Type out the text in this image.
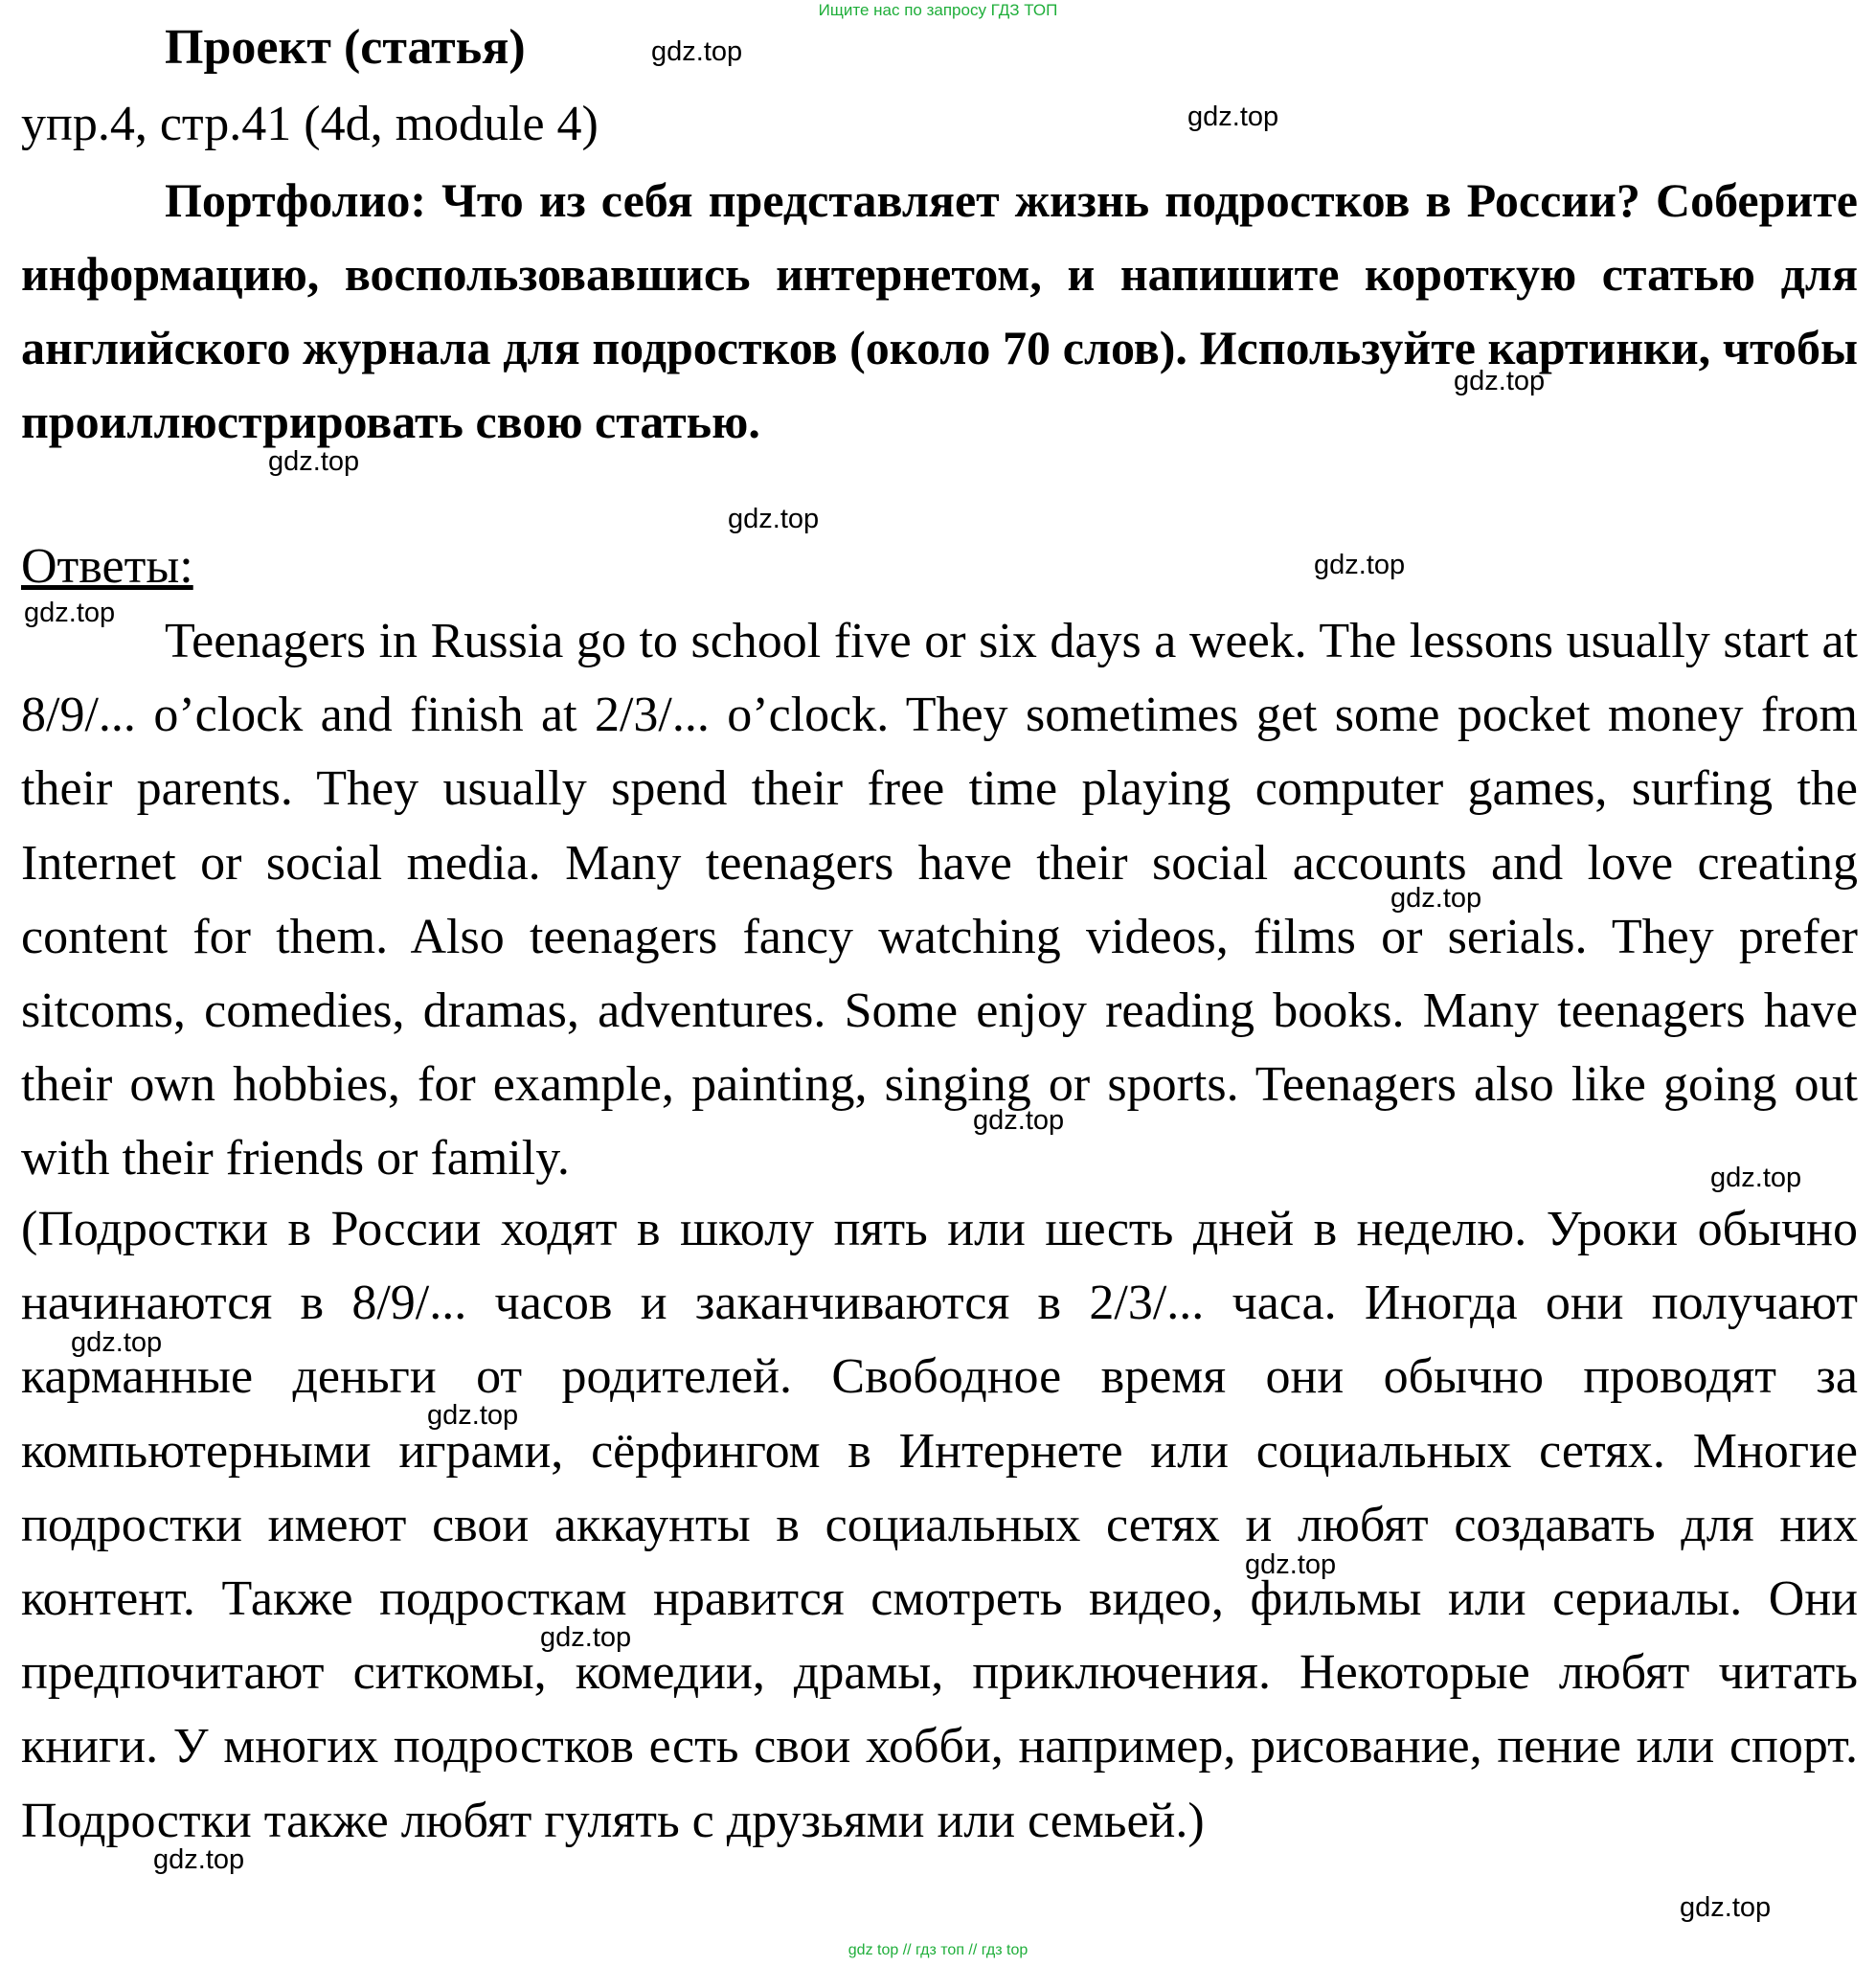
Ищите нас по запросу ГДЗ ТОП
Проект (статья)
упр.4, стр.41 (4d, module 4)
Портфолио: Что из себя представляет жизнь подростков в России? Соберите информацию, воспользовавшись интернетом, и напишите короткую статью для английского журнала для подростков (около 70 слов). Используйте картинки, чтобы проиллюстрировать свою статью.
Ответы:
Teenagers in Russia go to school five or six days a week. The lessons usually start at 8/9/... o’clock and finish at 2/3/... o’clock. They sometimes get some pocket money from their parents. They usually spend their free time playing computer games, surfing the Internet or social media. Many teenagers have their social accounts and love creating content for them. Also teenagers fancy watching videos, films or serials. They prefer sitcoms, comedies, dramas, adventures. Some enjoy reading books. Many teenagers have their own hobbies, for example, painting, singing or sports. Teenagers also like going out with their friends or family.
(Подростки в России ходят в школу пять или шесть дней в неделю. Уроки обычно начинаются в 8/9/... часов и заканчиваются в 2/3/... часа. Иногда они получают карманные деньги от родителей. Свободное время они обычно проводят за компьютерными играми, сёрфингом в Интернете или социальных сетях. Многие подростки имеют свои аккаунты в социальных сетях и любят создавать для них контент. Также подросткам нравится смотреть видео, фильмы или сериалы. Они предпочитают ситкомы, комедии, драмы, приключения. Некоторые любят читать книги. У многих подростков есть свои хобби, например, рисование, пение или спорт. Подростки также любят гулять с друзьями или семьей.)
gdz.top
gdz.top
gdz.top
gdz.top
gdz.top
gdz.top
gdz.top
gdz.top
gdz.top
gdz.top
gdz.top
gdz.top
gdz.top
gdz.top
gdz.top
gdz.top
gdz top // гдз топ // гдз top
